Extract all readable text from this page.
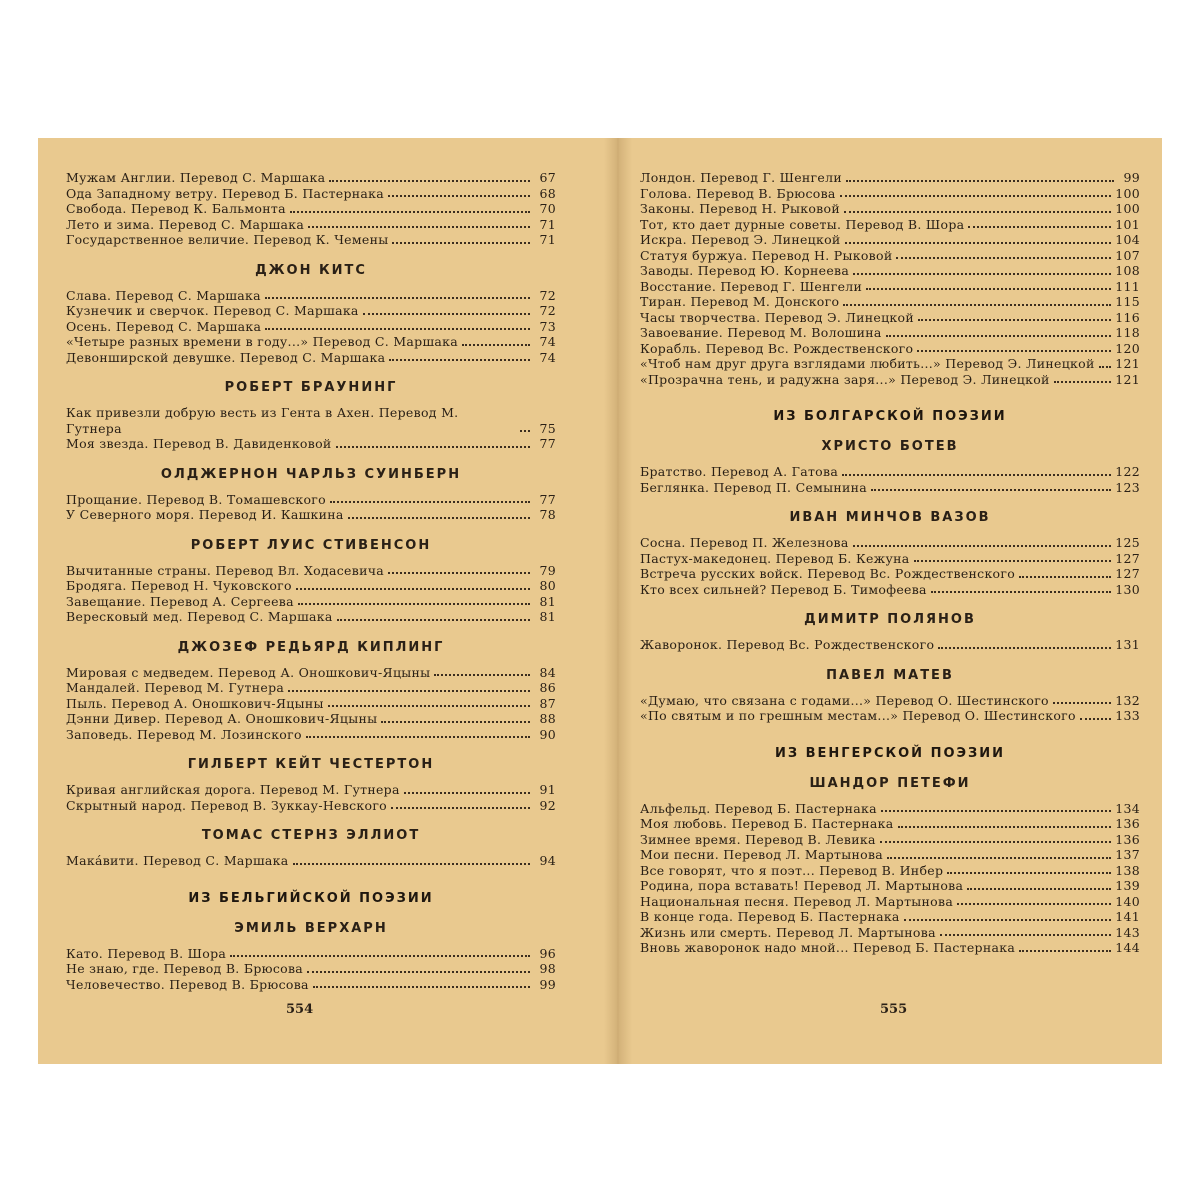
Мужам Англии. Перевод С. Маршака	67
Ода Западному ветру. Перевод Б. Пастернака	68
Свобода. Перевод К. Бальмонта	70
Лето и зима. Перевод С. Маршака	71
Государственное величие. Перевод К. Чемены	71
ДЖОН КИТС
Слава. Перевод С. Маршака	72
Кузнечик и сверчок. Перевод С. Маршака	72
Осень. Перевод С. Маршака	73
«Четыре разных времени в году...» Перевод С. Маршака	74
Девонширской девушке. Перевод С. Маршака	74
РОБЕРТ БРАУНИНГ
Как привезли добрую весть из Гента в Ахен. Перевод М. Гутнера	75
Моя звезда. Перевод В. Давиденковой	77
ОЛДЖЕРНОН ЧАРЛЬЗ СУИНБЕРН
Прощание. Перевод В. Томашевского	77
У Северного моря. Перевод И. Кашкина	78
РОБЕРТ ЛУИС СТИВЕНСОН
Вычитанные страны. Перевод Вл. Ходасевича	79
Бродяга. Перевод Н. Чуковского	80
Завещание. Перевод А. Сергеева	81
Вересковый мед. Перевод С. Маршака	81
ДЖОЗЕФ РЕДЬЯРД КИПЛИНГ
Мировая с медведем. Перевод А. Оношкович-Яцыны	84
Мандалей. Перевод М. Гутнера	86
Пыль. Перевод А. Оношкович-Яцыны	87
Дэнни Дивер. Перевод А. Оношкович-Яцыны	88
Заповедь. Перевод М. Лозинского	90
ГИЛБЕРТ КЕЙТ ЧЕСТЕРТОН
Кривая английская дорога. Перевод М. Гутнера	91
Скрытный народ. Перевод В. Зуккау-Невского	92
ТОМАС СТЕРНЗ ЭЛЛИОТ
Макáвити. Перевод С. Маршака	94
ИЗ БЕЛЬГИЙСКОЙ ПОЭЗИИ
ЭМИЛЬ ВЕРХАРН
Като. Перевод В. Шора	96
Не знаю, где. Перевод В. Брюсова	98
Человечество. Перевод В. Брюсова	99
554
Лондон. Перевод Г. Шенгели	99
Голова. Перевод В. Брюсова	100
Законы. Перевод Н. Рыковой	100
Тот, кто дает дурные советы. Перевод В. Шора	101
Искра. Перевод Э. Линецкой	104
Статуя буржуа. Перевод Н. Рыковой	107
Заводы. Перевод Ю. Корнеева	108
Восстание. Перевод Г. Шенгели	111
Тиран. Перевод М. Донского	115
Часы творчества. Перевод Э. Линецкой	116
Завоевание. Перевод М. Волошина	118
Корабль. Перевод Вс. Рождественского	120
«Чтоб нам друг друга взглядами любить...» Перевод Э. Линецкой 121
«Прозрачна тень, и радужна заря...» Перевод Э. Линецкой	121
ИЗ БОЛГАРСКОЙ ПОЭЗИИ
ХРИСТО БОТЕВ
Братство. Перевод А. Гатова	122
Беглянка. Перевод П. Семынина	123
ИВАН МИНЧОВ ВАЗОВ
Сосна. Перевод П. Железнова	125
Пастух-македонец. Перевод Б. Кежуна	127
Встреча русских войск. Перевод Вс. Рождественского	127
Кто всех сильней? Перевод Б. Тимофеева	130
ДИМИТР ПОЛЯНОВ
Жаворонок. Перевод Вс. Рождественского	131
ПАВЕЛ МАТЕВ
«Думаю, что связана с годами...» Перевод О. Шестинского	132
«По святым и по грешным местам...» Перевод О. Шестинского	133
ИЗ ВЕНГЕРСКОЙ ПОЭЗИИ
ШАНДОР ПЕТЕФИ
Альфельд. Перевод Б. Пастернака	134
Моя любовь. Перевод Б. Пастернака	136
Зимнее время. Перевод В. Левика	136
Мои песни. Перевод Л. Мартынова	137
Все говорят, что я поэт... Перевод В. Инбер	138
Родина, пора вставать! Перевод Л. Мартынова	139
Национальная песня. Перевод Л. Мартынова	140
В конце года. Перевод Б. Пастернака	141
Жизнь или смерть. Перевод Л. Мартынова	143
Вновь жаворонок надо мной... Перевод Б. Пастернака	144
555
